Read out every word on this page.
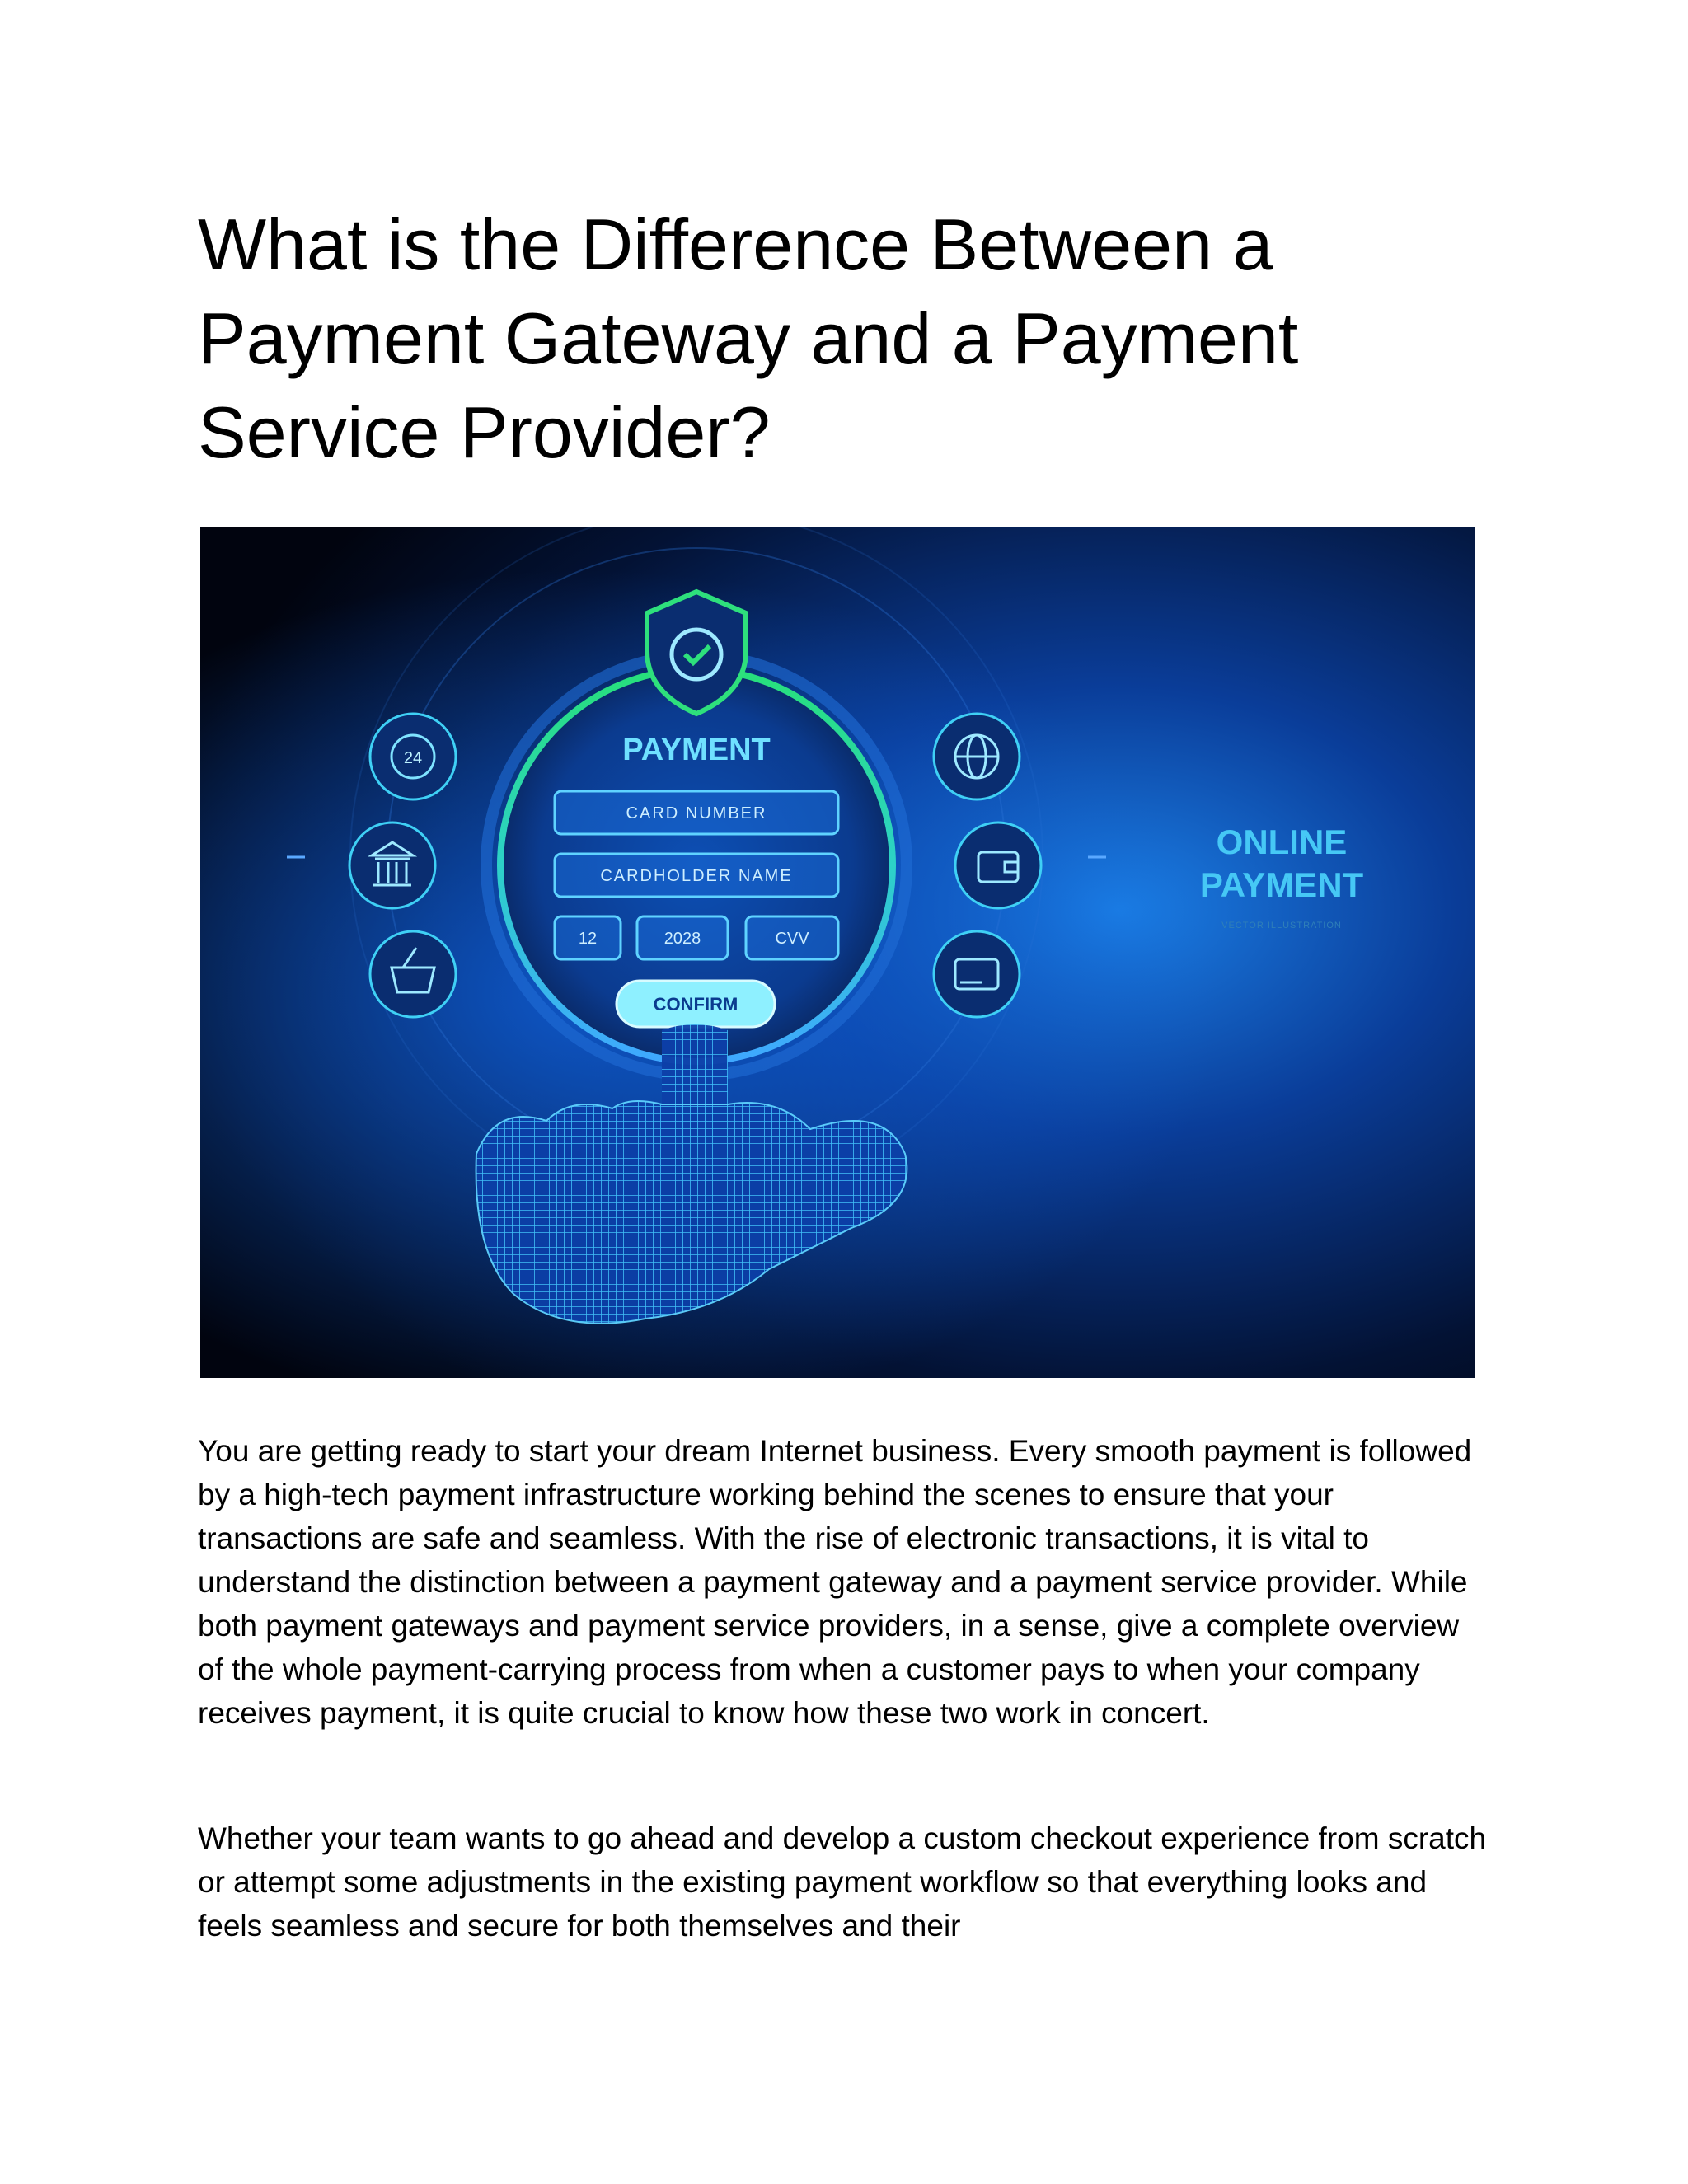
What is the Difference Between a Payment Gateway and a Payment Service Provider?
24	PAYMENT
CARD NUMBER
CARDHOLDER NAME
12	2028	CVV
CONFIRM
ONLINE
PAYMENT
VECTOR ILLUSTRATION

You are getting ready to start your dream Internet business. Every smooth payment is followed by a high-tech payment infrastructure working behind the scenes to ensure that your transactions are safe and seamless. With the rise of electronic transactions, it is vital to understand the distinction between a payment gateway and a payment service provider. While both payment gateways and payment service providers, in a sense, give a complete overview of the whole payment-carrying process from when a customer pays to when your company receives payment, it is quite crucial to know how these two work in concert.

Whether your team wants to go ahead and develop a custom checkout experience from scratch or attempt some adjustments in the existing payment workflow so that everything looks and feels seamless and secure for both themselves and their
